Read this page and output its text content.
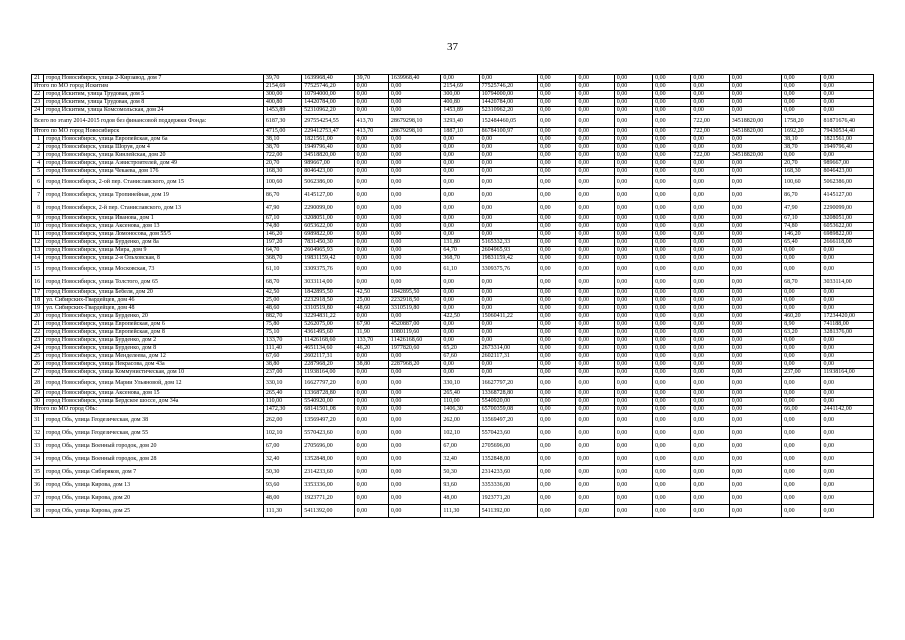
37
21	город Новосибирск, улица 2-Кирзавод, дом 7	39,70	1639968,40	39,70	1639968,40	0,00	0,00	0,00	0,00	0,00	0,00	0,00	0,00	0,00	0,00
Итого по МО город Искитим		2154,69	77525746,20	0,00	0,00	2154,69	77525746,20	0,00	0,00	0,00	0,00	0,00	0,00	0,00	0,00
22	город Искитим, улица Трудовая, дом 5	300,00	10794000,00	0,00	0,00	300,00	10794000,00	0,00	0,00	0,00	0,00	0,00	0,00	0,00	0,00
23	город Искитим, улица Трудовая, дом 8	400,80	14420784,00	0,00	0,00	400,80	14420784,00	0,00	0,00	0,00	0,00	0,00	0,00	0,00	0,00
24	город Искитим, улица Комсомольская, дом 24	1453,89	52310962,20	0,00	0,00	1453,89	52310962,20	0,00	0,00	0,00	0,00	0,00	0,00	0,00	0,00
Всего по этапу 2014-2015 годов без финансовой поддержки Фонда:		6187,30	297554254,55	413,70	28679298,10	3293,40	152484460,05	0,00	0,00	0,00	0,00	722,00	34518820,00	1758,20	81871676,40
Итого по МО город Новосибирск		4715,00	229412753,47	413,70	28679298,10	1887,10	86784100,97	0,00	0,00	0,00	0,00	722,00	34518820,00	1692,20	79430534,40
1	город Новосибирск, улица Европейская, дом 6а	38,10	1821561,00	0,00	0,00	0,00	0,00	0,00	0,00	0,00	0,00	0,00	0,00	38,10	1821561,00
2	город Новосибирск, улица Шоруя, дом 4	38,70	1949796,40	0,00	0,00	0,00	0,00	0,00	0,00	0,00	0,00	0,00	0,00	38,70	1949796,40
3	город Новосибирск, улица Кинлейская, дом 20	722,00	34518820,00	0,00	0,00	0,00	0,00	0,00	0,00	0,00	0,00	722,00	34518820,00	0,00	0,00
4	город Новосибирск, улица Аэвистроителей, дом 49	20,70	989667,00	0,00	0,00	0,00	0,00	0,00	0,00	0,00	0,00	0,00	0,00	20,70	989667,00
5	город Новосибирск, улица Чекаева, дом 176	168,30	8046423,00	0,00	0,00	0,00	0,00	0,00	0,00	0,00	0,00	0,00	0,00	168,30	8046423,00
6	город Новосибирск, 2-ой пер. Станиславского, дом 15	100,60	5062386,00	0,00	0,00	0,00	0,00	0,00	0,00	0,00	0,00	0,00	0,00	100,60	5062386,00
7	город Новосибирск, улица Тропинейная, дом 19	86,70	4145127,00	0,00	0,00	0,00	0,00	0,00	0,00	0,00	0,00	0,00	0,00	86,70	4145127,00
8	город Новосибирск, 2-й пер. Станиславского, дом 13	47,90	2290099,00	0,00	0,00	0,00	0,00	0,00	0,00	0,00	0,00	0,00	0,00	47,90	2290099,00
9	город Новосибирск, улица Иванова, дом 1	67,10	3208051,00	0,00	0,00	0,00	0,00	0,00	0,00	0,00	0,00	0,00	0,00	67,10	3208051,00
10	город Новосибирск, улица Аксенова, дом 13	74,80	6053622,00	0,00	0,00	0,00	0,00	0,00	0,00	0,00	0,00	0,00	0,00	74,80	6053622,00
11	город Новосибирск, улица Ломоносова, дом 55/5	146,20	6989822,00	0,00	0,00	0,00	0,00	0,00	0,00	0,00	0,00	0,00	0,00	146,20	6989822,00
12	город Новосибирск, улица Бурденко, дом 8а	197,20	7831450,30	0,00	0,00	131,80	5165332,33	0,00	0,00	0,00	0,00	0,00	0,00	65,40	2666118,00
13	город Новосибирск, улица Мира, дом 9	64,70	2604965,93	0,00	0,00	64,70	2604965,93	0,00	0,00	0,00	0,00	0,00	0,00	0,00	0,00
14	город Новосибирск, улица 2-я Ольховская, 8	368,70	19831159,42	0,00	0,00	368,70	19831159,42	0,00	0,00	0,00	0,00	0,00	0,00	0,00	0,00
15	город Новосибирск, улица Московская, 73	61,10	3309375,76	0,00	0,00	61,10	3309375,76	0,00	0,00	0,00	0,00	0,00	0,00	0,00	0,00
16	город Новосибирск, улица Толстого, дом 65	68,70	3033114,00	0,00	0,00	0,00	0,00	0,00	0,00	0,00	0,00	0,00	0,00	68,70	3033114,00
17	город Новосибирск, улица Бебеля, дом 20	42,50	1842895,50	42,50	1842895,50	0,00	0,00	0,00	0,00	0,00	0,00	0,00	0,00	0,00	0,00
18	ул. Сибирских-Гвардейцев, дом 46	25,00	2232918,50	25,00	2232918,50	0,00	0,00	0,00	0,00	0,00	0,00	0,00	0,00	0,00	0,00
19	ул. Сибирских-Гвардейцев, дом 48	48,60	3310519,80	48,60	3310519,80	0,00	0,00	0,00	0,00	0,00	0,00	0,00	0,00	0,00	0,00
20	город Новосибирск, улица Бурденко, 20	882,70	32294831,22	0,00	0,00	422,50	15060411,22	0,00	0,00	0,00	0,00	0,00	0,00	460,20	17234420,00
21	город Новосибирск, улица Европейская, дом 6	75,80	5262075,00	67,90	4520887,00	0,00	0,00	0,00	0,00	0,00	0,00	0,00	0,00	8,90	741188,00
22	город Новосибирск, улица Европейская, дом 8	75,10	4361495,60	11,90	1080119,60	0,00	0,00	0,00	0,00	0,00	0,00	0,00	0,00	63,20	3281376,00
23	город Новосибирск, улица Бурденко, дом 2	133,70	11426168,60	133,70	11426168,60	0,00	0,00	0,00	0,00	0,00	0,00	0,00	0,00	0,00	0,00
24	город Новосибирск, улица Бурденко, дом 8	111,40	4651134,60	46,20	1977820,60	65,20	2673314,00	0,00	0,00	0,00	0,00	0,00	0,00	0,00	0,00
25	город Новосибирск, улица Менделеева, дом 12	67,60	2602117,31	0,00	0,00	67,60	2602117,31	0,00	0,00	0,00	0,00	0,00	0,00	0,00	0,00
26	город Новосибирск, улица Некрасова, дом 43а	38,80	2287968,20	38,80	2287968,20	0,00	0,00	0,00	0,00	0,00	0,00	0,00	0,00	0,00	0,00
27	город Новосибирск, улица Коммунистическая, дом 10	237,00	11938164,00	0,00	0,00	0,00	0,00	0,00	0,00	0,00	0,00	0,00	0,00	237,00	11938164,00
28	город Новосибирск, улица Марии Ульяновой, дом 12	330,10	16627797,20	0,00	0,00	330,10	16627797,20	0,00	0,00	0,00	0,00	0,00	0,00	0,00	0,00
29	город Новосибирск, улица Аксенова, дом 15	265,40	13368728,80	0,00	0,00	265,40	13368728,80	0,00	0,00	0,00	0,00	0,00	0,00	0,00	0,00
30	город Новосибирск, улица Бердское шоссе, дом 34а	110,00	5540920,00	0,00	0,00	110,00	5540920,00	0,00	0,00	0,00	0,00	0,00	0,00	0,00	0,00
Итого по МО город Обь:		1472,30	68141501,08	0,00	0,00	1406,30	65700359,08	0,00	0,00	0,00	0,00	0,00	0,00	66,00	2441142,00
31	город Обь, улица Геодезическая, дом 38	262,00	13569497,20	0,00	0,00	262,00	13569497,20	0,00	0,00	0,00	0,00	0,00	0,00	0,00	0,00
32	город Обь, улица Геодезическая, дом 55	102,10	5570423,60	0,00	0,00	102,10	5570423,60	0,00	0,00	0,00	0,00	0,00	0,00	0,00	0,00
33	город Обь, улица Военный городок, дом 20	67,00	2705696,00	0,00	0,00	67,00	2705696,00	0,00	0,00	0,00	0,00	0,00	0,00	0,00	0,00
34	город Обь, улица Военный городок, дом 28	32,40	1352848,00	0,00	0,00	32,40	1352848,00	0,00	0,00	0,00	0,00	0,00	0,00	0,00	0,00
35	город Обь, улица Сибиряков, дом 7	50,30	2314233,60	0,00	0,00	50,30	2314233,60	0,00	0,00	0,00	0,00	0,00	0,00	0,00	0,00
36	город Обь, улица Кирова, дом 13	93,60	3353336,00	0,00	0,00	93,60	3353336,00	0,00	0,00	0,00	0,00	0,00	0,00	0,00	0,00
37	город Обь, улица Кирова, дом 20	48,00	1923771,20	0,00	0,00	48,00	1923771,20	0,00	0,00	0,00	0,00	0,00	0,00	0,00	0,00
38	город Обь, улица Кирова, дом 25	111,30	5411392,00	0,00	0,00	111,30	5411392,00	0,00	0,00	0,00	0,00	0,00	0,00	0,00	0,00
